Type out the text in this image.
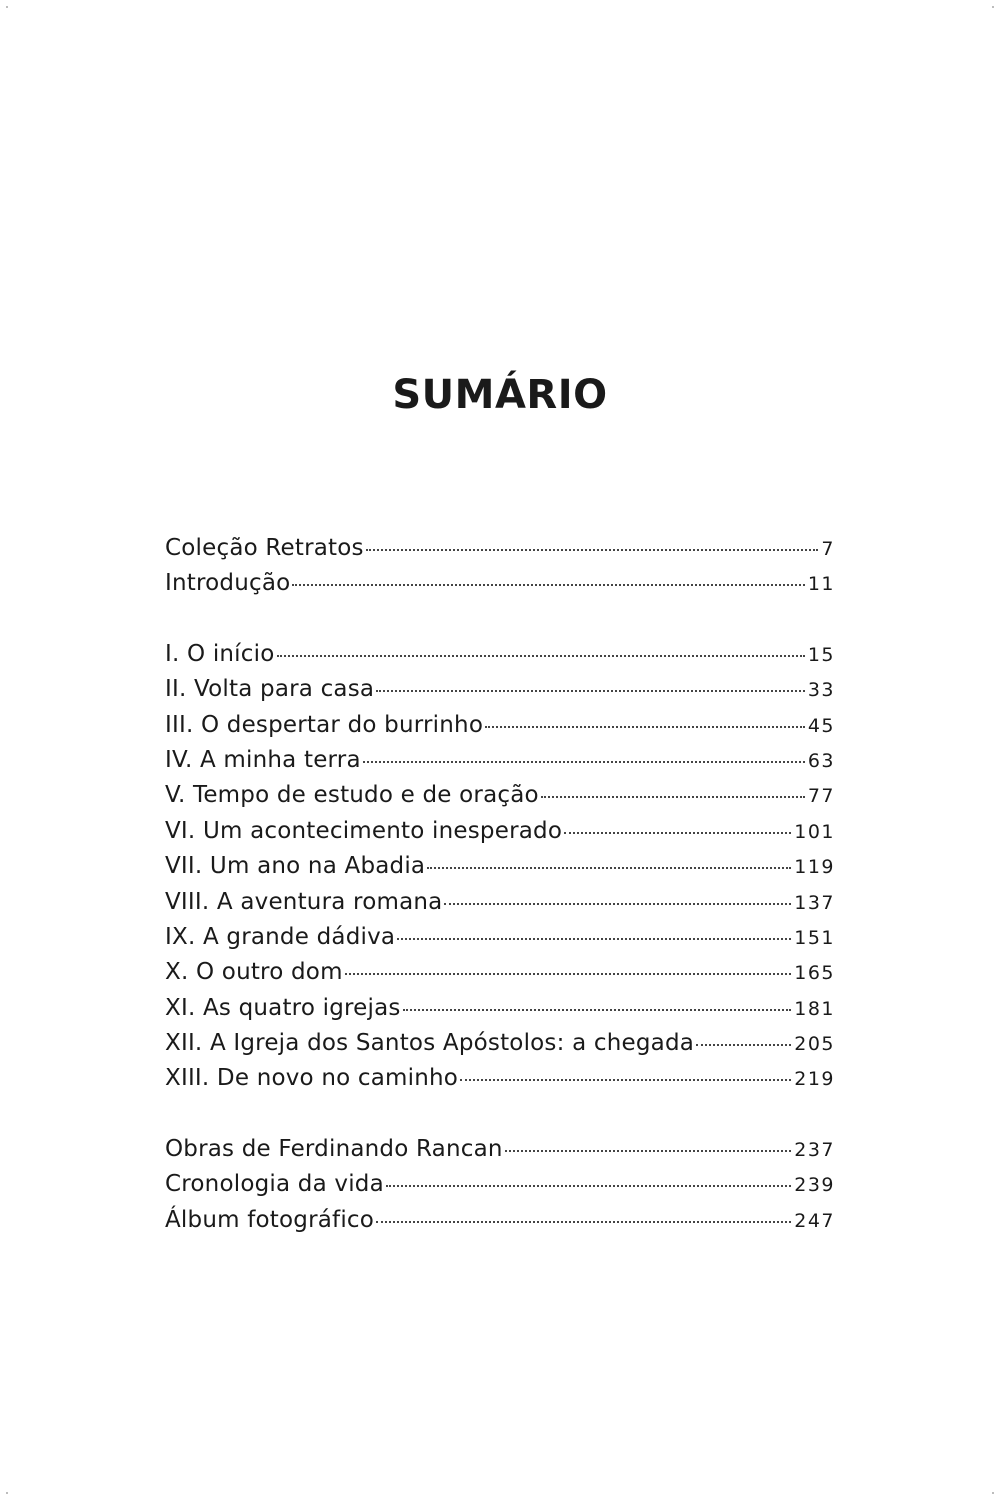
SUMÁRIO
Coleção Retratos	7
Introdução	11
I. O início	15
II. Volta para casa	33
III. O despertar do burrinho	45
IV. A minha terra	63
V. Tempo de estudo e de oração	77
VI. Um acontecimento inesperado	101
VII. Um ano na Abadia	119
VIII. A aventura romana	137
IX. A grande dádiva	151
X. O outro dom	165
XI. As quatro igrejas	181
XII. A Igreja dos Santos Apóstolos: a chegada	205
XIII. De novo no caminho	219
Obras de Ferdinando Rancan	237
Cronologia da vida	239
Álbum fotográfico	247
